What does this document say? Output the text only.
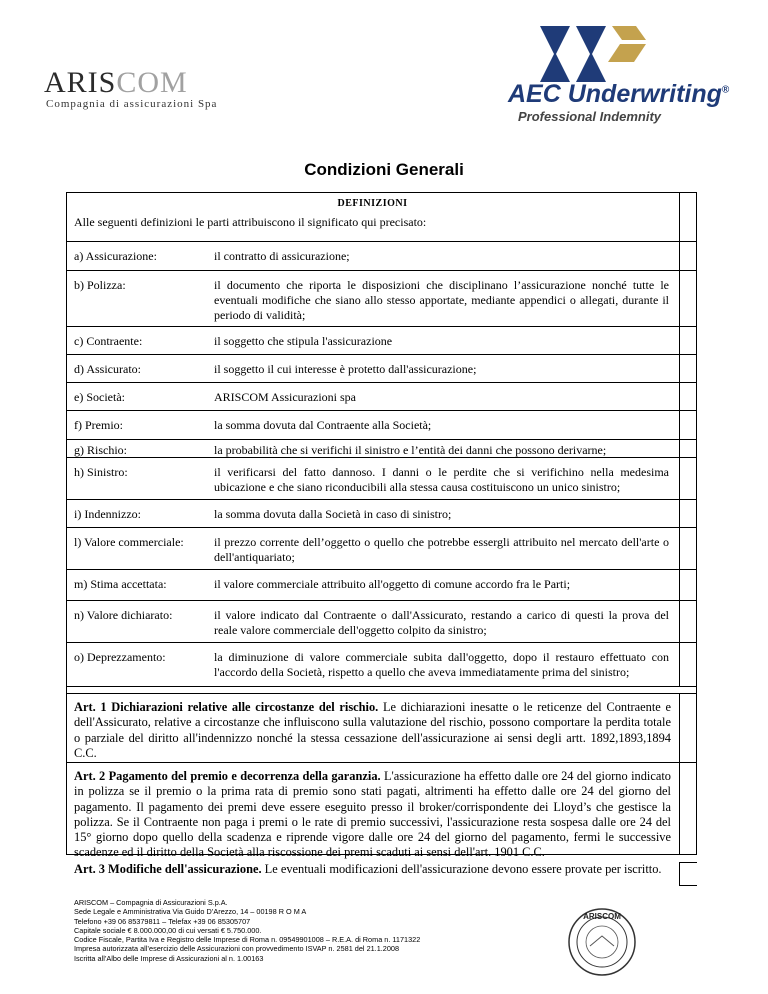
ARISCOM
Compagnia di assicurazioni Spa	AEC Underwriting®
Professional Indemnity
Condizioni Generali
DEFINIZIONI
Alle seguenti definizioni le parti attribuiscono il significato qui precisato:
a) Assicurazione:	il contratto di assicurazione;
b) Polizza:	il documento che riporta le disposizioni che disciplinano l’assicurazione nonché tutte le eventuali modifiche che siano allo stesso apportate, mediante appendici o allegati, durante il periodo di validità;
c) Contraente:	il soggetto che stipula l'assicurazione
d) Assicurato:	il soggetto il cui interesse è protetto dall'assicurazione;
e) Società:	ARISCOM Assicurazioni spa
f) Premio:	la somma dovuta dal Contraente alla Società;
g) Rischio:	la probabilità che si verifichi il sinistro e l’entità dei danni che possono derivarne;
h) Sinistro:	il verificarsi del fatto dannoso. I danni o le perdite che si verifichino nella medesima ubicazione e che siano riconducibili alla stessa causa costituiscono un unico sinistro;
i) Indennizzo:	la somma dovuta dalla Società in caso di sinistro;
l) Valore commerciale:	il prezzo corrente dell’oggetto o quello che potrebbe essergli attribuito nel mercato dell'arte o dell'antiquariato;
m) Stima accettata:	il valore commerciale attribuito all'oggetto di comune accordo fra le Parti;
n) Valore dichiarato:	il valore indicato dal Contraente o dall'Assicurato, restando a carico di questi la prova del reale valore commerciale dell'oggetto colpito da sinistro;
o) Deprezzamento:	la diminuzione di valore commerciale subita dall'oggetto, dopo il restauro effettuato con l'accordo della Società, rispetto a quello che aveva immediatamente prima del sinistro;
Art. 1 Dichiarazioni relative alle circostanze del rischio. Le dichiarazioni inesatte o le reticenze del Contraente e dell'Assicurato, relative a circostanze che influiscono sulla valutazione del rischio, possono comportare la perdita totale o parziale del diritto all'indennizzo nonché la stessa cessazione dell'assicurazione ai sensi degli artt. 1892,1893,1894 C.C.
Art. 2 Pagamento del premio e decorrenza della garanzia. L'assicurazione ha effetto dalle ore 24 del giorno indicato in polizza se il premio o la prima rata di premio sono stati pagati, altrimenti ha effetto dalle ore 24 del giorno del pagamento. Il pagamento dei premi deve essere eseguito presso il broker/corrispondente dei Lloyd’s che gestisce la polizza. Se il Contraente non paga i premi o le rate di premio successivi, l'assicurazione resta sospesa dalle ore 24 del 15° giorno dopo quello della scadenza e riprende vigore dalle ore 24 del giorno del pagamento, fermi le successive scadenze ed il diritto della Società alla riscossione dei premi scaduti ai sensi dell'art. 1901 C.C.
Art. 3 Modifiche dell'assicurazione. Le eventuali modificazioni dell'assicurazione devono essere provate per iscritto.
ARISCOM – Compagnia di Assicurazioni S.p.A.
Sede Legale e Amministrativa Via Guido D’Arezzo, 14 – 00198 R O M A
Telefono +39 06 85379811 – Telefax +39 06 85305707
Capitale sociale € 8.000.000,00 di cui versati € 5.750.000.
Codice Fiscale, Partita Iva e Registro delle Imprese di Roma n. 09549901008 – R.E.A. di Roma n. 1171322
Impresa autorizzata all’esercizio delle Assicurazioni con provvedimento ISVAP n. 2581 del 21.1.2008
Iscritta all’Albo delle Imprese di Assicurazioni al n. 1.00163
ARISCOM
